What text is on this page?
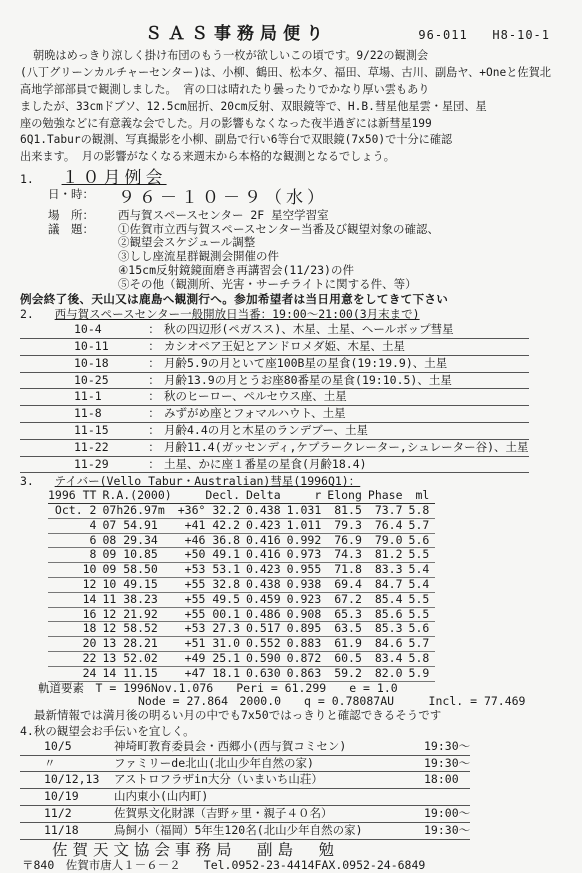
ＳＡＳ事務局便り	96-011 H8-10-1

朝晩はめっきり涼しく掛け布団のもう一枚が欲しいこの頃です。9/22の観測会

(八丁グリーンカルチャーセンター)は、小柳、鶴田、松本夕、福田、草場、古川、副島ヤ、+Oneと佐賀北

高地学部部員で観測しました。 宵の口は晴れたり曇ったりでかなり厚い雲もあり

ましたが、33cmドブソ、12.5cm屈折、20cm反射、双眼鏡等で、H.B.彗星他星雲・星団、星

座の勉強などに有意義な会でした。月の影響もなくなった夜半過ぎには新彗星199

6Q1.Taburの観測、写真撮影を小柳、副島で行い6等台で双眼鏡(7x50)で十分に確認

出来ます。 月の影響がなくなる来週末から本格的な観測となるでしょう。

1. １０月例会
日・時：	９６－１０－９（水）
場　所：	西与賀スペースセンター 2F 星空学習室
議　題：	①佐賀市立西与賀スペースセンター当番及び観望対象の確認、
②観望会スケジュール調整
③しし座流星群観測会開催の件
④15cm反射鏡鏡面磨き再講習会(11/23)の件
⑤その他（観測所、光害・サーチライトに関する件、等）
例会終了後、天山又は鹿島へ観測行へ。参加希望者は当日用意をしてきて下さい
2. 西与賀スペースセンター一般開放日当番：19:00～21:00(3月末まで)
10-4	：	秋の四辺形(ペガスス)、木星、土星、ヘールボップ彗星
10-11	：	カシオペア王妃とアンドロメダ姫、木星、土星
10-18	：	月齢5.9の月といて座100B星の星食(19:19.9)、土星
10-25	：	月齢13.9の月とうお座80番星の星食(19:10.5)、土星
11-1	：	秋のヒーロー、ペルセウス座、土星
11-8	：	みずがめ座とフォマルハウト、土星
11-15	：	月齢4.4の月と木星のランデブー、土星
11-22	：	月齢11.4(ガッセンディ,ケプラークレーター,シュレーター谷)、土星
11-29	：	土星、かに座１番星の星食(月齢18.4)
3. テイバー(Vello Tabur・Australian)彗星(1996Q1)：
1996 TT	R.A.(2000)	Decl.	Delta	r	Elong	Phase	ml
Oct. 2	07h26.97m	+36° 32.2	0.438	1.031	81.5	73.7	5.8
4	07 54.91	+41 42.2	0.423	1.011	79.3	76.4	5.7
6	08 29.34	+46 36.8	0.416	0.992	76.9	79.0	5.6
8	09 10.85	+50 49.1	0.416	0.973	74.3	81.2	5.5
10	09 58.50	+53 53.1	0.423	0.955	71.8	83.3	5.4
12	10 49.15	+55 32.8	0.438	0.938	69.4	84.7	5.4
14	11 38.23	+55 49.5	0.459	0.923	67.2	85.4	5.5
16	12 21.92	+55 00.1	0.486	0.908	65.3	85.6	5.5
18	12 58.52	+53 27.3	0.517	0.895	63.5	85.3	5.6
20	13 28.21	+51 31.0	0.552	0.883	61.9	84.6	5.7
22	13 52.02	+49 25.1	0.590	0.872	60.5	83.4	5.8
24	14 11.15	+47 18.1	0.630	0.863	59.2	82.0	5.9
軌道要素　T = 1996Nov.1.076　　Peri = 61.299　　e = 1.0
Node = 27.864　2000.0　　q = 0.78087AU　　　Incl. = 77.469
最新情報では満月後の明るい月の中でも7x50ではっきりと確認できるそうです
4.秋の観望会お手伝いを宜しく。
10/5	神埼町教育委員会・西郷小(西与賀コミセン)	19:30～
〃	ファミリーde北山(北山少年自然の家)	19:30～
10/12,13	アストロフラザin大分（いまいち山荘）	18:00
10/19	山内東小(山内町)	
11/2	佐賀県文化財課（吉野ヶ里・親子４０名）	19:00～
11/18	鳥飼小（福岡）5年生120名(北山少年自然の家)	19:30～
佐賀天文協会事務局　副島　勉
〒840　佐賀市唐人１－６－２　　Tel.0952-23-4414FAX.0952-24-6849
